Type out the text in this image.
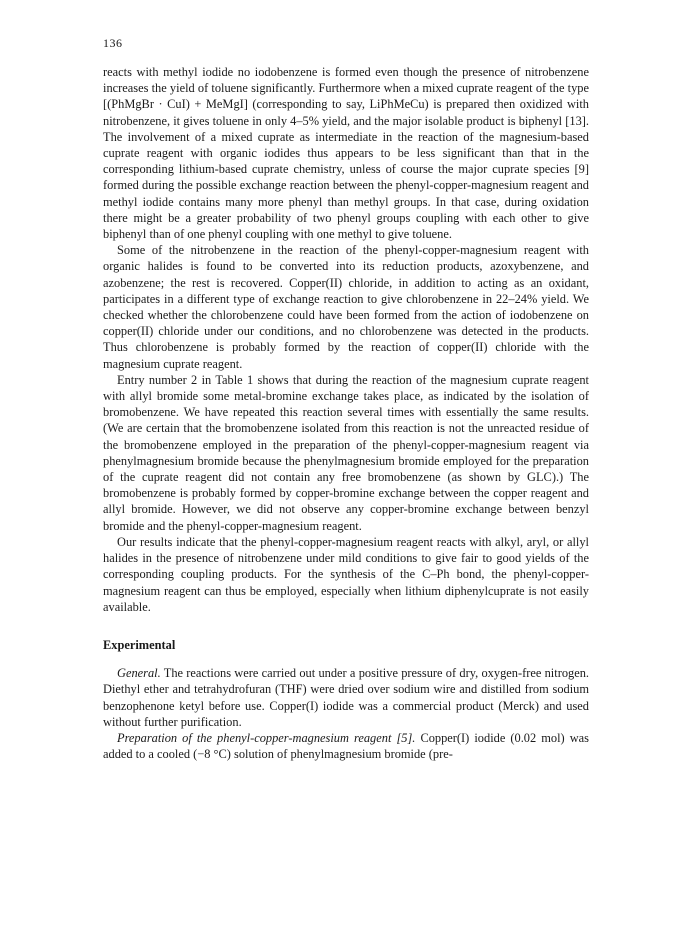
136

reacts with methyl iodide no iodobenzene is formed even though the presence of nitrobenzene increases the yield of toluene significantly. Furthermore when a mixed cuprate reagent of the type [(PhMgBr · CuI) + MeMgI] (corresponding to say, LiPhMeCu) is prepared then oxidized with nitrobenzene, it gives toluene in only 4–5% yield, and the major isolable product is biphenyl [13]. The involvement of a mixed cuprate as intermediate in the reaction of the magnesium-based cuprate reagent with organic iodides thus appears to be less significant than that in the corresponding lithium-based cuprate chemistry, unless of course the major cuprate species [9] formed during the possible exchange reaction between the phenyl-copper-magnesium reagent and methyl iodide contains many more phenyl than methyl groups. In that case, during oxidation there might be a greater probability of two phenyl groups coupling with each other to give biphenyl than of one phenyl coupling with one methyl to give toluene.

Some of the nitrobenzene in the reaction of the phenyl-copper-magnesium reagent with organic halides is found to be converted into its reduction products, azoxybenzene, and azobenzene; the rest is recovered. Copper(II) chloride, in addition to acting as an oxidant, participates in a different type of exchange reaction to give chlorobenzene in 22–24% yield. We checked whether the chlorobenzene could have been formed from the action of iodobenzene on copper(II) chloride under our conditions, and no chlorobenzene was detected in the products. Thus chlorobenzene is probably formed by the reaction of copper(II) chloride with the magnesium cuprate reagent.

Entry number 2 in Table 1 shows that during the reaction of the magnesium cuprate reagent with allyl bromide some metal-bromine exchange takes place, as indicated by the isolation of bromobenzene. We have repeated this reaction several times with essentially the same results. (We are certain that the bromobenzene isolated from this reaction is not the unreacted residue of the bromobenzene employed in the preparation of the phenyl-copper-magnesium reagent via phenylmagnesium bromide because the phenylmagnesium bromide employed for the preparation of the cuprate reagent did not contain any free bromobenzene (as shown by GLC).) The bromobenzene is probably formed by copper-bromine exchange between the copper reagent and allyl bromide. However, we did not observe any copper-bromine exchange between benzyl bromide and the phenyl-copper-magnesium reagent.

Our results indicate that the phenyl-copper-magnesium reagent reacts with alkyl, aryl, or allyl halides in the presence of nitrobenzene under mild conditions to give fair to good yields of the corresponding coupling products. For the synthesis of the C–Ph bond, the phenyl-copper-magnesium reagent can thus be employed, especially when lithium diphenylcuprate is not easily available.

Experimental

General. The reactions were carried out under a positive pressure of dry, oxygen-free nitrogen. Diethyl ether and tetrahydrofuran (THF) were dried over sodium wire and distilled from sodium benzophenone ketyl before use. Copper(I) iodide was a commercial product (Merck) and used without further purification.

Preparation of the phenyl-copper-magnesium reagent [5]. Copper(I) iodide (0.02 mol) was added to a cooled (−8 °C) solution of phenylmagnesium bromide (pre-
